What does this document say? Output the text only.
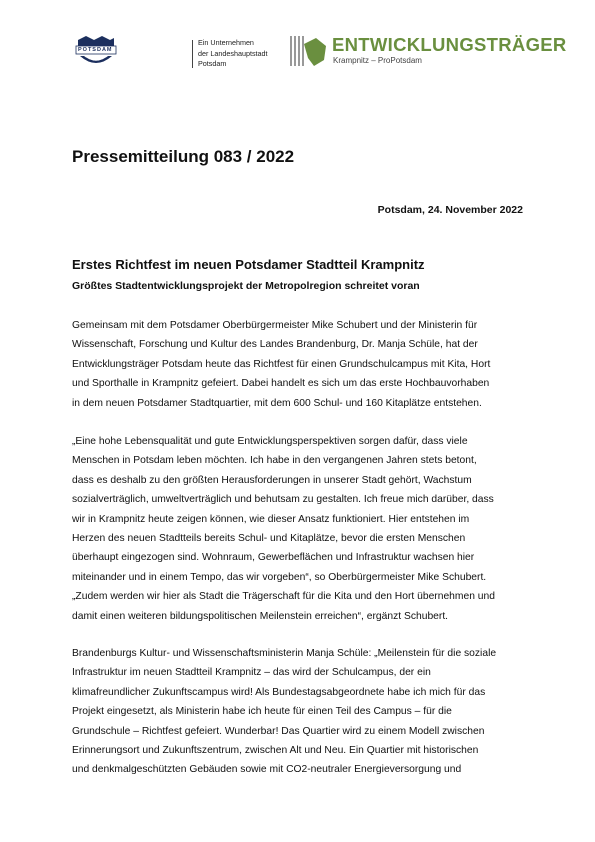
POTSDAM
Ein Unternehmen
der Landeshauptstadt
Potsdam
ENTWICKLUNGSTRÄGER
Krampnitz – ProPotsdam
Pressemitteilung 083 / 2022
Potsdam, 24. November 2022
Erstes Richtfest im neuen Potsdamer Stadtteil Krampnitz
Größtes Stadtentwicklungsprojekt der Metropolregion schreitet voran
Gemeinsam mit dem Potsdamer Oberbürgermeister Mike Schubert und der Ministerin für
Wissenschaft, Forschung und Kultur des Landes Brandenburg, Dr. Manja Schüle, hat der
Entwicklungsträger Potsdam heute das Richtfest für einen Grundschulcampus mit Kita, Hort
und Sporthalle in Krampnitz gefeiert. Dabei handelt es sich um das erste Hochbauvorhaben
in dem neuen Potsdamer Stadtquartier, mit dem 600 Schul- und 160 Kitaplätze entstehen.
„Eine hohe Lebensqualität und gute Entwicklungsperspektiven sorgen dafür, dass viele
Menschen in Potsdam leben möchten. Ich habe in den vergangenen Jahren stets betont,
dass es deshalb zu den größten Herausforderungen in unserer Stadt gehört, Wachstum
sozialverträglich, umweltverträglich und behutsam zu gestalten. Ich freue mich darüber, dass
wir in Krampnitz heute zeigen können, wie dieser Ansatz funktioniert. Hier entstehen im
Herzen des neuen Stadtteils bereits Schul- und Kitaplätze, bevor die ersten Menschen
überhaupt eingezogen sind. Wohnraum, Gewerbeflächen und Infrastruktur wachsen hier
miteinander und in einem Tempo, das wir vorgeben“, so Oberbürgermeister Mike Schubert.
„Zudem werden wir hier als Stadt die Trägerschaft für die Kita und den Hort übernehmen und
damit einen weiteren bildungspolitischen Meilenstein erreichen“, ergänzt Schubert.
Brandenburgs Kultur- und Wissenschaftsministerin Manja Schüle: „Meilenstein für die soziale
Infrastruktur im neuen Stadtteil Krampnitz – das wird der Schulcampus, der ein
klimafreundlicher Zukunftscampus wird! Als Bundestagsabgeordnete habe ich mich für das
Projekt eingesetzt, als Ministerin habe ich heute für einen Teil des Campus – für die
Grundschule – Richtfest gefeiert. Wunderbar! Das Quartier wird zu einem Modell zwischen
Erinnerungsort und Zukunftszentrum, zwischen Alt und Neu. Ein Quartier mit historischen
und denkmalgeschützten Gebäuden sowie mit CO2-neutraler Energieversorgung und
